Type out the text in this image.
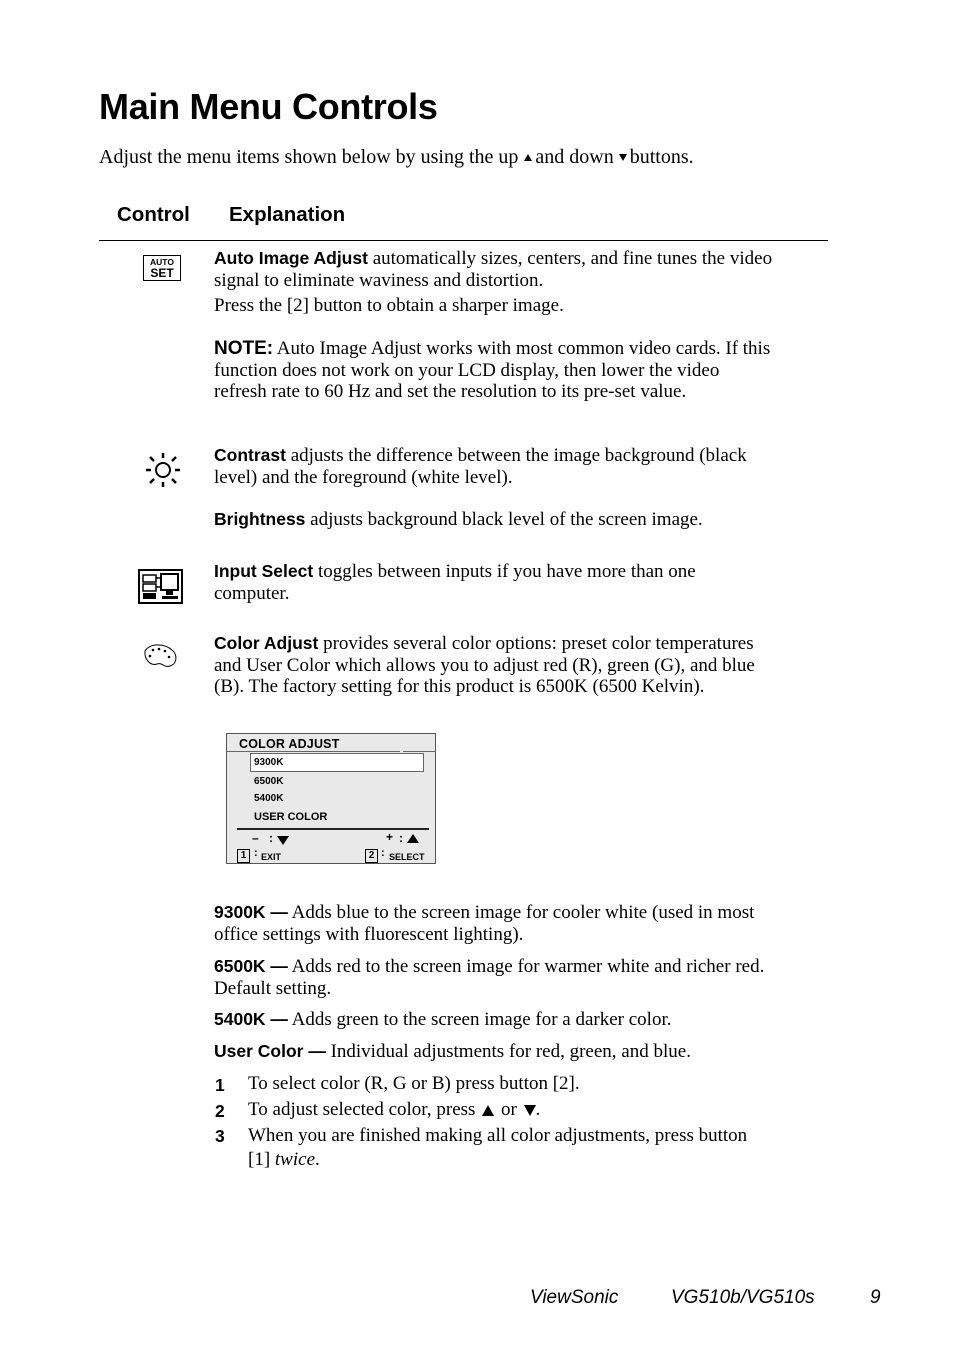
Main Menu Controls
Adjust the menu items shown below by using the up and down buttons.
Control Explanation
AUTO
SET
Auto Image Adjust automatically sizes, centers, and fine tunes the video signal to eliminate waviness and distortion.
Press the [2] button to obtain a sharper image.
NOTE: Auto Image Adjust works with most common video cards. If this function does not work on your LCD display, then lower the video refresh rate to 60 Hz and set the resolution to its pre-set value.
Contrast adjusts the difference between the image background (black level) and the foreground (white level).
Brightness adjusts background black level of the screen image.
Input Select toggles between inputs if you have more than one computer.
Color Adjust provides several color options: preset color temperatures and User Color which allows you to adjust red (R), green (G), and blue (B). The factory setting for this product is 6500K (6500 Kelvin).
COLOR ADJUST
9300K
6500K
5400K
USER COLOR
– :	+ :
1 : EXIT	2 : SELECT
9300K — Adds blue to the screen image for cooler white (used in most office settings with fluorescent lighting).
6500K — Adds red to the screen image for warmer white and richer red. Default setting.
5400K — Adds green to the screen image for a darker color.
User Color — Individual adjustments for red, green, and blue.
1 To select color (R, G or B) press button [2].
2 To adjust selected color, press or .
3 When you are finished making all color adjustments, press button [1] twice.
ViewSonic	VG510b/VG510s	9
